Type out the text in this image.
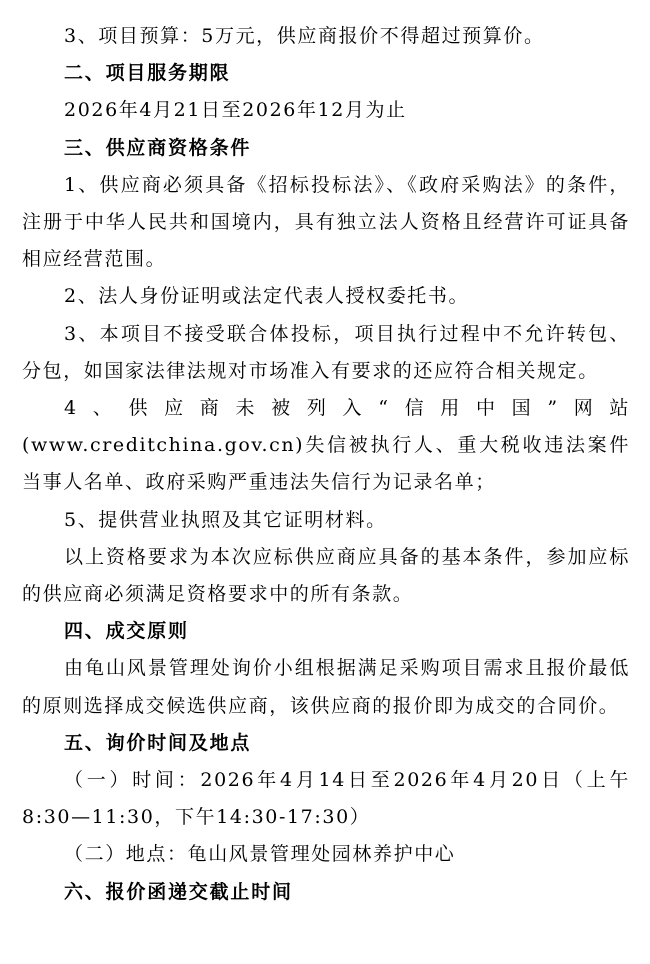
3、项目预算：5万元，供应商报价不得超过预算价。

二、项目服务期限

2026年4月21日至2026年12月为止

三、供应商资格条件

1、供应商必须具备《招标投标法》、《政府采购法》的条件，注册于中华人民共和国境内，具有独立法人资格且经营许可证具备相应经营范围。

2、法人身份证明或法定代表人授权委托书。

3、本项目不接受联合体投标，项目执行过程中不允许转包、分包，如国家法律法规对市场准入有要求的还应符合相关规定。

4、供应商未被列入“信用中国”网站

(www.creditchina.gov.cn)失信被执行人、重大税收违法案件当事人名单、政府采购严重违法失信行为记录名单；

5、提供营业执照及其它证明材料。

以上资格要求为本次应标供应商应具备的基本条件，参加应标的供应商必须满足资格要求中的所有条款。

四、成交原则

由龟山风景管理处询价小组根据满足采购项目需求且报价最低的原则选择成交候选供应商，该供应商的报价即为成交的合同价。

五、询价时间及地点

（一）时间：2026年4月14日至2026年4月20日（上午8:30—11:30，下午14:30-17:30）

（二）地点：龟山风景管理处园林养护中心

六、报价函递交截止时间
